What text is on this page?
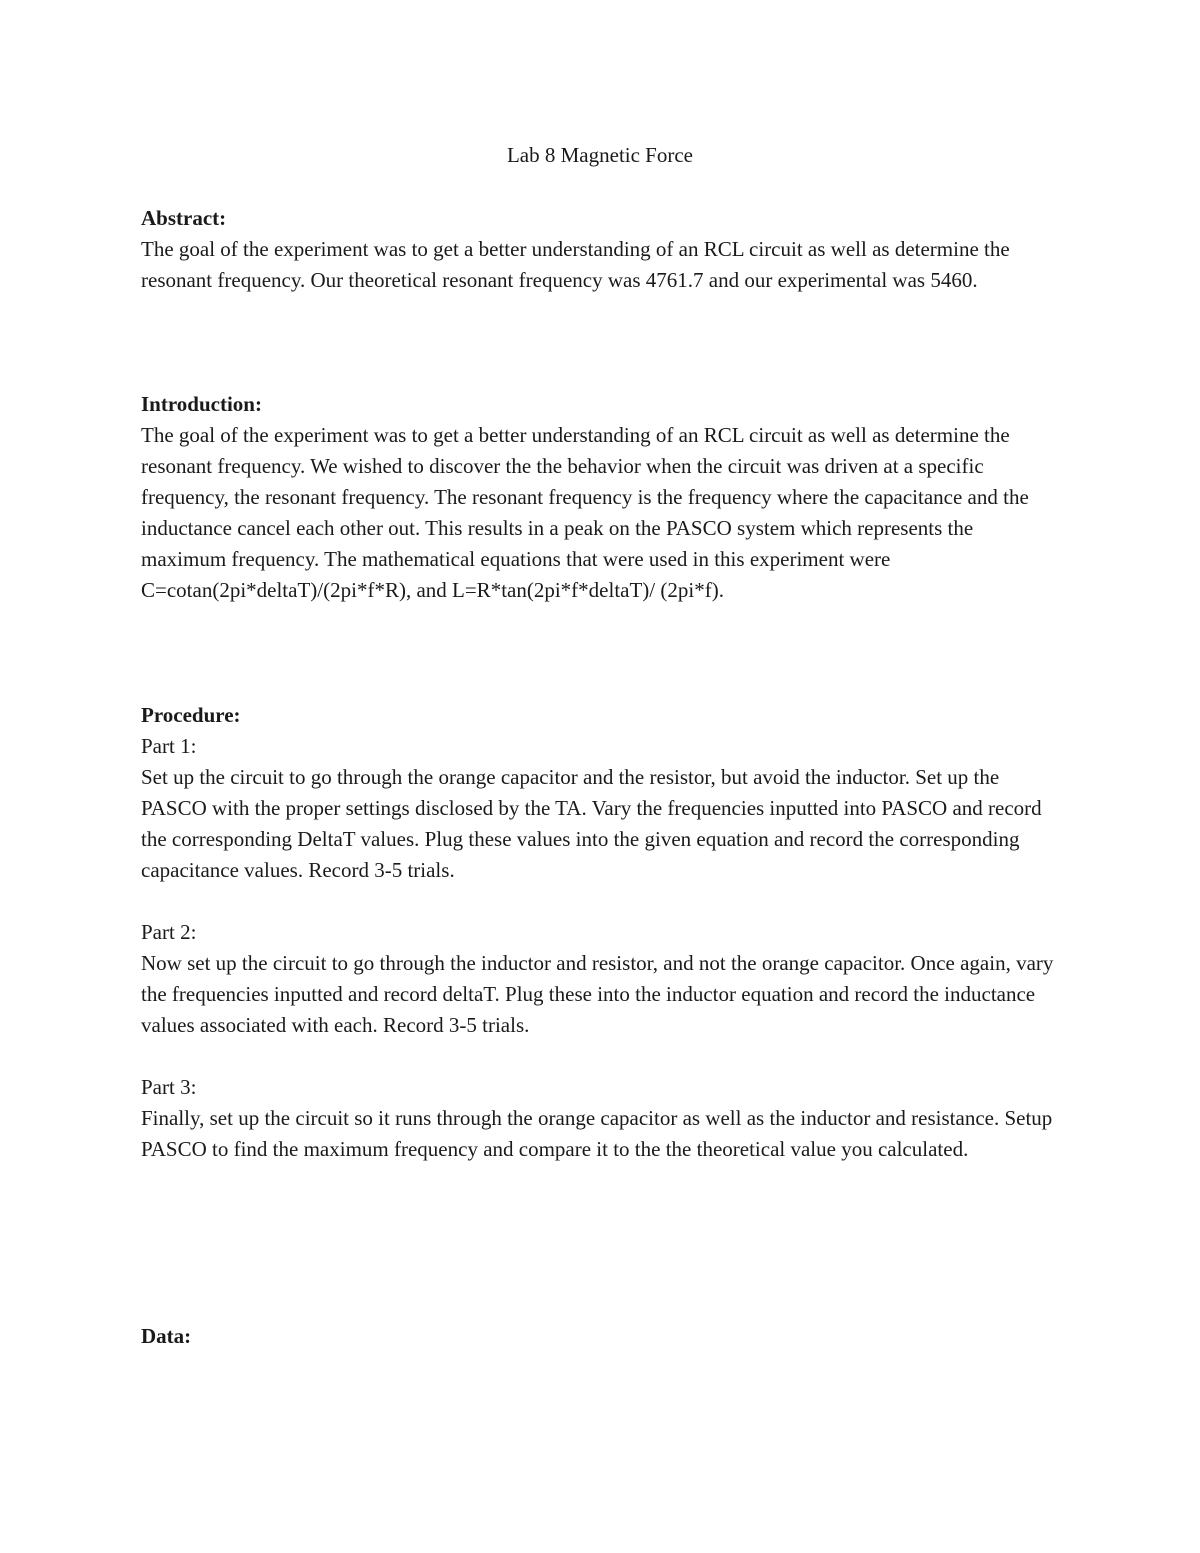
Lab 8 Magnetic Force
Abstract:

The goal of the experiment was to get a better understanding of an RCL circuit as well as determine the resonant frequency. Our theoretical resonant frequency was 4761.7 and our experimental was 5460.

Introduction:

The goal of the experiment was to get a better understanding of an RCL circuit as well as determine the resonant frequency. We wished to discover the the behavior when the circuit was driven at a specific frequency, the resonant frequency. The resonant frequency is the frequency where the capacitance and the inductance cancel each other out. This results in a peak on the PASCO system which represents the maximum frequency. The mathematical equations that were used in this experiment were C=cotan(2pi*deltaT)/(2pi*f*R), and L=R*tan(2pi*f*deltaT)/ (2pi*f).

Procedure:
Part 1:

Set up the circuit to go through the orange capacitor and the resistor, but avoid the inductor. Set up the PASCO with the proper settings disclosed by the TA. Vary the frequencies inputted into PASCO and record the corresponding DeltaT values. Plug these values into the given equation and record the corresponding capacitance values. Record 3-5 trials.

Part 2:

Now set up the circuit to go through the inductor and resistor, and not the orange capacitor. Once again, vary the frequencies inputted and record deltaT. Plug these into the inductor equation and record the inductance values associated with each. Record 3-5 trials.

Part 3:

Finally, set up the circuit so it runs through the orange capacitor as well as the inductor and resistance. Setup PASCO to find the maximum frequency and compare it to the the theoretical value you calculated.

Data:
